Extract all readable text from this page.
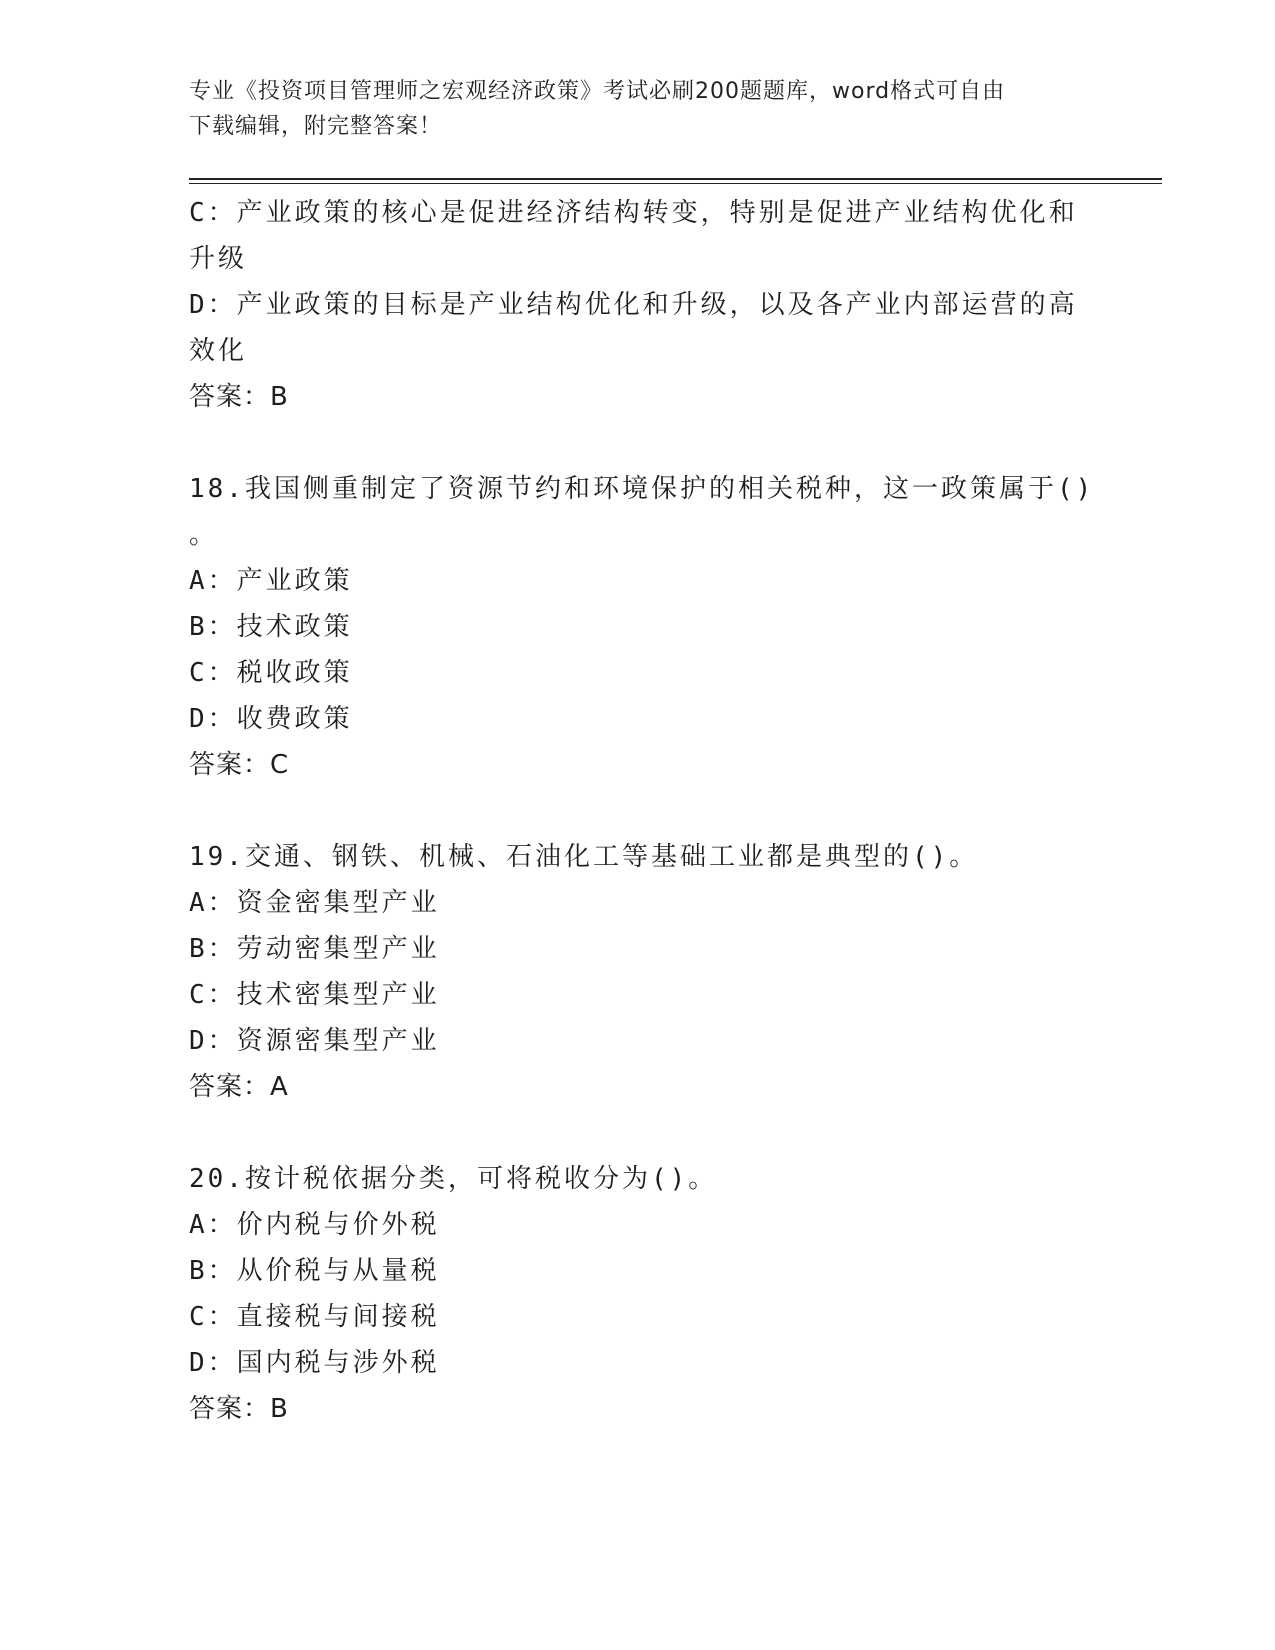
专业《投资项目管理师之宏观经济政策》考试必刷200题题库，word格式可自由
下载编辑，附完整答案！
C：产业政策的核心是促进经济结构转变，特别是促进产业结构优化和
升级
D：产业政策的目标是产业结构优化和升级，以及各产业内部运营的高
效化
答案：B
18.我国侧重制定了资源节约和环境保护的相关税种，这一政策属于()
。
A：产业政策
B：技术政策
C：税收政策
D：收费政策
答案：C
19.交通、钢铁、机械、石油化工等基础工业都是典型的()。
A：资金密集型产业
B：劳动密集型产业
C：技术密集型产业
D：资源密集型产业
答案：A
20.按计税依据分类，可将税收分为()。
A：价内税与价外税
B：从价税与从量税
C：直接税与间接税
D：国内税与涉外税
答案：B
